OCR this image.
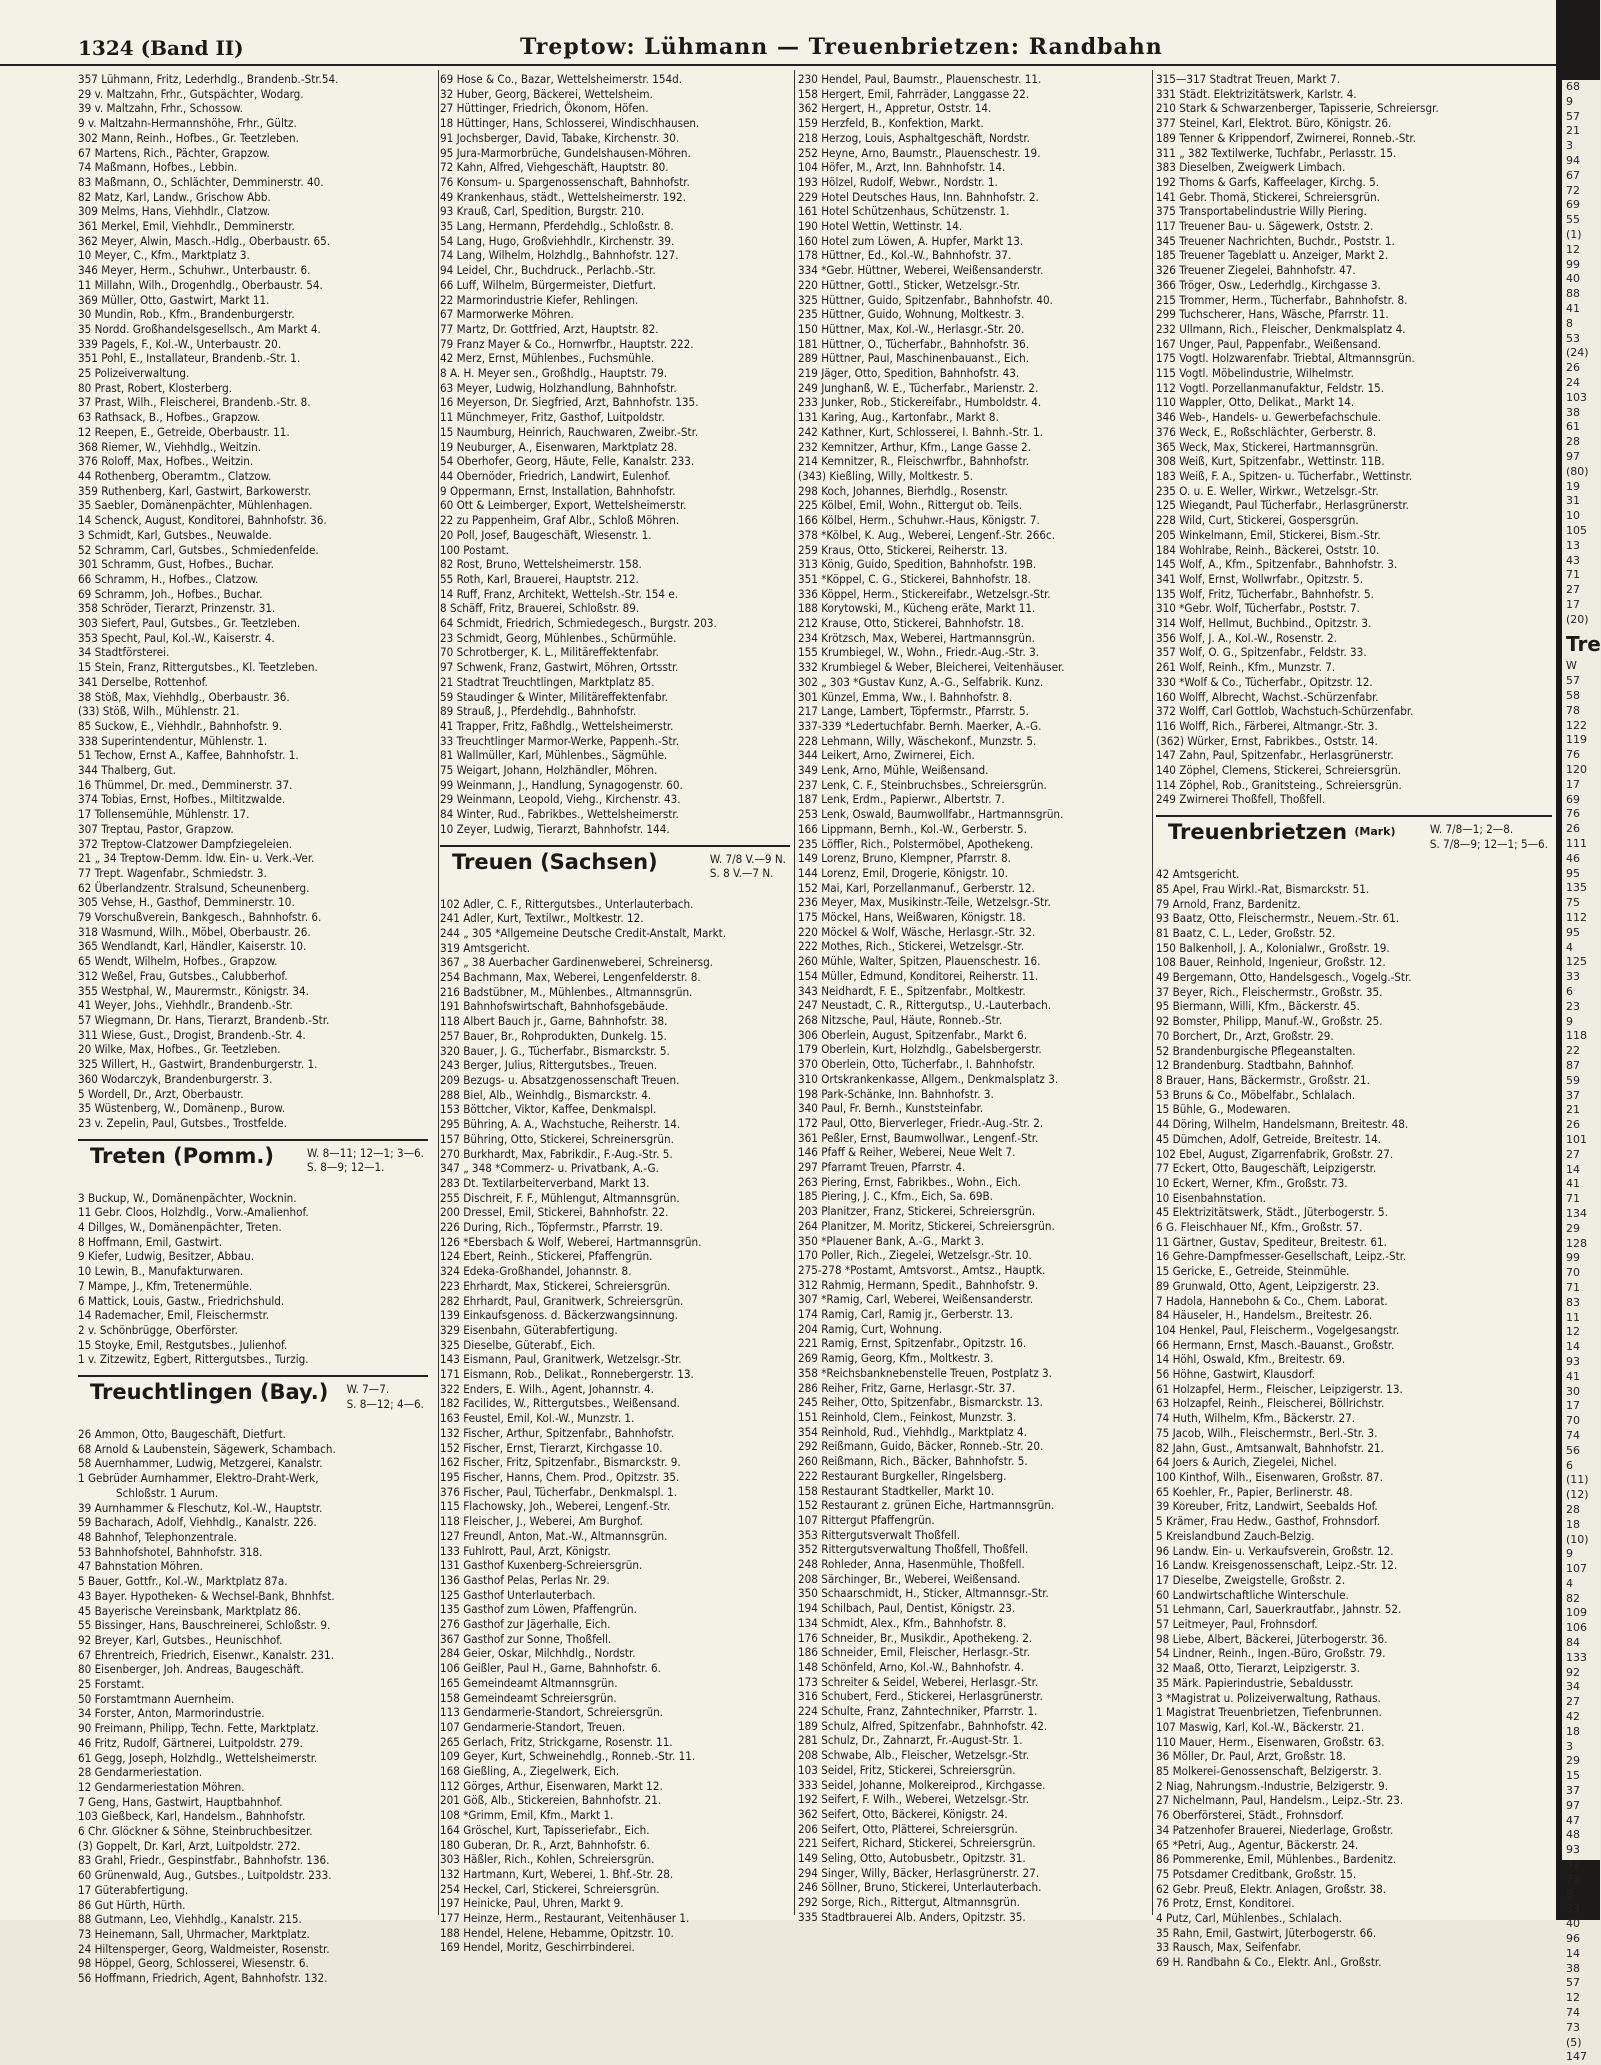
1324 (Band II)	Treptow: Lühmann — Treuenbrietzen: Randbahn
357 Lühmann, Fritz, Lederhdlg., Brandenb.-Str.54.
29 v. Maltzahn, Frhr., Gutspächter, Wodarg.
39 v. Maltzahn, Frhr., Schossow.
9 v. Maltzahn-Hermannshöhe, Frhr., Gültz.
302 Mann, Reinh., Hofbes., Gr. Teetzleben.
67 Martens, Rich., Pächter, Grapzow.
74 Maßmann, Hofbes., Lebbin.
83 Maßmann, O., Schlächter, Demminerstr. 40.
82 Matz, Karl, Landw., Grischow Abb.
309 Melms, Hans, Viehhdlr., Clatzow.
361 Merkel, Emil, Viehhdlr., Demminerstr.
362 Meyer, Alwin, Masch.-Hdlg., Oberbaustr. 65.
10 Meyer, C., Kfm., Marktplatz 3.
346 Meyer, Herm., Schuhwr., Unterbaustr. 6.
11 Millahn, Wilh., Drogenhdlg., Oberbaustr. 54.
369 Müller, Otto, Gastwirt, Markt 11.
30 Mundin, Rob., Kfm., Brandenburgerstr.
35 Nordd. Großhandelsgesellsch., Am Markt 4.
339 Pagels, F., Kol.-W., Unterbaustr. 20.
351 Pohl, E., Installateur, Brandenb.-Str. 1.
25 Polizeiverwaltung.
80 Prast, Robert, Klosterberg.
37 Prast, Wilh., Fleischerei, Brandenb.-Str. 8.
63 Rathsack, B., Hofbes., Grapzow.
12 Reepen, E., Getreide, Oberbaustr. 11.
368 Riemer, W., Viehhdlg., Weitzin.
376 Roloff, Max, Hofbes., Weitzin.
44 Rothenberg, Oberamtm., Clatzow.
359 Ruthenberg, Karl, Gastwirt, Barkowerstr.
35 Saebler, Domänenpächter, Mühlenhagen.
14 Schenck, August, Konditorei, Bahnhofstr. 36.
3 Schmidt, Karl, Gutsbes., Neuwalde.
52 Schramm, Carl, Gutsbes., Schmiedenfelde.
301 Schramm, Gust, Hofbes., Buchar.
66 Schramm, H., Hofbes., Clatzow.
69 Schramm, Joh., Hofbes., Buchar.
358 Schröder, Tierarzt, Prinzenstr. 31.
303 Siefert, Paul, Gutsbes., Gr. Teetzleben.
353 Specht, Paul, Kol.-W., Kaiserstr. 4.
34 Stadtförsterei.
15 Stein, Franz, Rittergutsbes., Kl. Teetzleben.
341 Derselbe, Rottenhof.
38 Stöß, Max, Viehhdlg., Oberbaustr. 36.
(33) Stöß, Wilh., Mühlenstr. 21.
85 Suckow, E., Viehhdlr., Bahnhofstr. 9.
338 Superintendentur, Mühlenstr. 1.
51 Techow, Ernst A., Kaffee, Bahnhofstr. 1.
344 Thalberg, Gut.
16 Thümmel, Dr. med., Demminerstr. 37.
374 Tobias, Ernst, Hofbes., Miltitzwalde.
17 Tollensemühle, Mühlenstr. 17.
307 Treptau, Pastor, Grapzow.
372 Treptow-Clatzower Dampfziegeleien.
21 „ 34 Treptow-Demm. ldw. Ein- u. Verk.-Ver.
77 Trept. Wagenfabr., Schmiedstr. 3.
62 Überlandzentr. Stralsund, Scheunenberg.
305 Vehse, H., Gasthof, Demminerstr. 10.
79 Vorschußverein, Bankgesch., Bahnhofstr. 6.
318 Wasmund, Wilh., Möbel, Oberbaustr. 26.
365 Wendlandt, Karl, Händler, Kaiserstr. 10.
65 Wendt, Wilhelm, Hofbes., Grapzow.
312 Weßel, Frau, Gutsbes., Calubberhof.
355 Westphal, W., Maurermstr., Königstr. 34.
41 Weyer, Johs., Viehhdlr., Brandenb.-Str.
57 Wiegmann, Dr. Hans, Tierarzt, Brandenb.-Str.
311 Wiese, Gust., Drogist, Brandenb.-Str. 4.
20 Wilke, Max, Hofbes., Gr. Teetzleben.
325 Willert, H., Gastwirt, Brandenburgerstr. 1.
360 Wodarczyk, Brandenburgerstr. 3.
5 Wordell, Dr., Arzt, Oberbaustr.
35 Wüstenberg, W., Domänenp., Burow.
23 v. Zepelin, Paul, Gutsbes., Trostfelde.
Treten (Pomm.)	W. 8—11; 12—1; 3—6.
S. 8—9; 12—1.
3 Buckup, W., Domänenpächter, Wocknin.
11 Gebr. Cloos, Holzhdlg., Vorw.-Amalienhof.
4 Dillges, W., Domänenpächter, Treten.
8 Hoffmann, Emil, Gastwirt.
9 Kiefer, Ludwig, Besitzer, Abbau.
10 Lewin, B., Manufakturwaren.
7 Mampe, J., Kfm, Tretenermühle.
6 Mattick, Louis, Gastw., Friedrichshuld.
14 Rademacher, Emil, Fleischermstr.
2 v. Schönbrügge, Oberförster.
15 Stoyke, Emil, Restgutsbes., Julienhof.
1 v. Zitzewitz, Egbert, Rittergutsbes., Turzig.
Treuchtlingen (Bay.) W. 7—7.
S. 8—12; 4—6.
26 Ammon, Otto, Baugeschäft, Dietfurt.
68 Arnold & Laubenstein, Sägewerk, Schambach.
58 Auernhammer, Ludwig, Metzgerei, Kanalstr.
1 Gebrüder Aurnhammer, Elektro-Draht-Werk,
Schloßstr. 1 Aurum.
39 Aurnhammer & Fleschutz, Kol.-W., Hauptstr.
59 Bacharach, Adolf, Viehhdlg., Kanalstr. 226.
48 Bahnhof, Telephonzentrale.
53 Bahnhofshotel, Bahnhofstr. 318.
47 Bahnstation Möhren.
5 Bauer, Gottfr., Kol.-W., Marktplatz 87a.
43 Bayer. Hypotheken- & Wechsel-Bank, Bhnhfst.
45 Bayerische Vereinsbank, Marktplatz 86.
55 Bissinger, Hans, Bauschreinerei, Schloßstr. 9.
92 Breyer, Karl, Gutsbes., Heunischhof.
67 Ehrentreich, Friedrich, Eisenwr., Kanalstr. 231.
80 Eisenberger, Joh. Andreas, Baugeschäft.
25 Forstamt.
50 Forstamtmann Auernheim.
34 Forster, Anton, Marmorindustrie.
90 Freimann, Philipp, Techn. Fette, Marktplatz.
46 Fritz, Rudolf, Gärtnerei, Luitpoldstr. 279.
61 Gegg, Joseph, Holzhdlg., Wettelsheimerstr.
28 Gendarmeriestation.
12 Gendarmeriestation Möhren.
7 Geng, Hans, Gastwirt, Hauptbahnhof.
103 Gießbeck, Karl, Handelsm., Bahnhofstr.
6 Chr. Glöckner & Söhne, Steinbruchbesitzer.
(3) Goppelt, Dr. Karl, Arzt, Luitpoldstr. 272.
83 Grahl, Friedr., Gespinstfabr., Bahnhofstr. 136.
60 Grünenwald, Aug., Gutsbes., Luitpoldstr. 233.
17 Güterabfertigung.
86 Gut Hürth, Hürth.
88 Gutmann, Leo, Viehhdlg., Kanalstr. 215.
73 Heinemann, Sall, Uhrmacher, Marktplatz.
24 Hiltensperger, Georg, Waldmeister, Rosenstr.
98 Höppel, Georg, Schlosserei, Wiesenstr. 6.
56 Hoffmann, Friedrich, Agent, Bahnhofstr. 132.
69 Hose & Co., Bazar, Wettelsheimerstr. 154d.
32 Huber, Georg, Bäckerei, Wettelsheim.
27 Hüttinger, Friedrich, Ökonom, Höfen.
18 Hüttinger, Hans, Schlosserei, Windischhausen.
91 Jochsberger, David, Tabake, Kirchenstr. 30.
95 Jura-Marmorbrüche, Gundelshausen-Möhren.
72 Kahn, Alfred, Viehgeschäft, Hauptstr. 80.
76 Konsum- u. Spargenossenschaft, Bahnhofstr.
49 Krankenhaus, städt., Wettelsheimerstr. 192.
93 Krauß, Carl, Spedition, Burgstr. 210.
35 Lang, Hermann, Pferdehdlg., Schloßstr. 8.
54 Lang, Hugo, Großviehhdlr., Kirchenstr. 39.
74 Lang, Wilhelm, Holzhdlg., Bahnhofstr. 127.
94 Leidel, Chr., Buchdruck., Perlachb.-Str.
66 Luff, Wilhelm, Bürgermeister, Dietfurt.
22 Marmorindustrie Kiefer, Rehlingen.
67 Marmorwerke Möhren.
77 Martz, Dr. Gottfried, Arzt, Hauptstr. 82.
79 Franz Mayer & Co., Hornwrfbr., Hauptstr. 222.
42 Merz, Ernst, Mühlenbes., Fuchsmühle.
8 A. H. Meyer sen., Großhdlg., Hauptstr. 79.
63 Meyer, Ludwig, Holzhandlung, Bahnhofstr.
16 Meyerson, Dr. Siegfried, Arzt, Bahnhofstr. 135.
11 Münchmeyer, Fritz, Gasthof, Luitpoldstr.
15 Naumburg, Heinrich, Rauchwaren, Zweibr.-Str.
19 Neuburger, A., Eisenwaren, Marktplatz 28.
54 Oberhofer, Georg, Häute, Felle, Kanalstr. 233.
44 Obernöder, Friedrich, Landwirt, Eulenhof.
9 Oppermann, Ernst, Installation, Bahnhofstr.
60 Ott & Leimberger, Export, Wettelsheimerstr.
22 zu Pappenheim, Graf Albr., Schloß Möhren.
20 Poll, Josef, Baugeschäft, Wiesenstr. 1.
100 Postamt.
82 Rost, Bruno, Wettelsheimerstr. 158.
55 Roth, Karl, Brauerei, Hauptstr. 212.
14 Ruff, Franz, Architekt, Wettelsh.-Str. 154 e.
8 Schäff, Fritz, Brauerei, Schloßstr. 89.
64 Schmidt, Friedrich, Schmiedegesch., Burgstr. 203.
23 Schmidt, Georg, Mühlenbes., Schürmühle.
70 Schrotberger, K. L., Militäreffektenfabr.
97 Schwenk, Franz, Gastwirt, Möhren, Ortsstr.
21 Stadtrat Treuchtlingen, Marktplatz 85.
59 Staudinger & Winter, Militäreffektenfabr.
89 Strauß, J., Pferdehdlg., Bahnhofstr.
41 Trapper, Fritz, Faßhdlg., Wettelsheimerstr.
33 Treuchtlinger Marmor-Werke, Pappenh.-Str.
81 Wallmüller, Karl, Mühlenbes., Sägmühle.
75 Weigart, Johann, Holzhändler, Möhren.
99 Weinmann, J., Handlung, Synagogenstr. 60.
29 Weinmann, Leopold, Viehg., Kirchenstr. 43.
84 Winter, Rud., Fabrikbes., Wettelsheimerstr.
10 Zeyer, Ludwig, Tierarzt, Bahnhofstr. 144.
Treuen (Sachsen)	W. 7/8 V.—9 N.
S. 8 V.—7 N.
102 Adler, C. F., Rittergutsbes., Unterlauterbach.
241 Adler, Kurt, Textilwr., Moltkestr. 12.
244 „ 305 *Allgemeine Deutsche Credit-Anstalt, Markt.
319 Amtsgericht.
367 „ 38 Auerbacher Gardinenweberei, Schreinersg.
254 Bachmann, Max, Weberei, Lengenfelderstr. 8.
216 Badstübner, M., Mühlenbes., Altmannsgrün.
191 Bahnhofswirtschaft, Bahnhofsgebäude.
118 Albert Bauch jr., Garne, Bahnhofstr. 38.
257 Bauer, Br., Rohprodukten, Dunkelg. 15.
320 Bauer, J. G., Tücherfabr., Bismarckstr. 5.
243 Berger, Julius, Rittergutsbes., Treuen.
209 Bezugs- u. Absatzgenossenschaft Treuen.
288 Biel, Alb., Weinhdlg., Bismarckstr. 4.
153 Böttcher, Viktor, Kaffee, Denkmalspl.
295 Bühring, A. A., Wachstuche, Reiherstr. 14.
157 Bühring, Otto, Stickerei, Schreinersgrün.
270 Burkhardt, Max, Fabrikdir., F.-Aug.-Str. 5.
347 „ 348 *Commerz- u. Privatbank, A.-G.
283 Dt. Textilarbeiterverband, Markt 13.
255 Dischreit, F. F., Mühlengut, Altmannsgrün.
200 Dressel, Emil, Stickerei, Bahnhofstr. 22.
226 During, Rich., Töpfermstr., Pfarrstr. 19.
126 *Ebersbach & Wolf, Weberei, Hartmannsgrün.
124 Ebert, Reinh., Stickerei, Pfaffengrün.
324 Edeka-Großhandel, Johannstr. 8.
223 Ehrhardt, Max, Stickerei, Schreiersgrün.
282 Ehrhardt, Paul, Granitwerk, Schreiersgrün.
139 Einkaufsgenoss. d. Bäckerzwangsinnung.
329 Eisenbahn, Güterabfertigung.
325 Dieselbe, Güterabf., Eich.
143 Eismann, Paul, Granitwerk, Wetzelsgr.-Str.
171 Eismann, Rob., Delikat., Ronnebergerstr. 13.
322 Enders, E. Wilh., Agent, Johannstr. 4.
182 Facilides, W., Rittergutsbes., Weißensand.
163 Feustel, Emil, Kol.-W., Munzstr. 1.
132 Fischer, Arthur, Spitzenfabr., Bahnhofstr.
152 Fischer, Ernst, Tierarzt, Kirchgasse 10.
162 Fischer, Fritz, Spitzenfabr., Bismarckstr. 9.
195 Fischer, Hanns, Chem. Prod., Opitzstr. 35.
376 Fischer, Paul, Tücherfabr., Denkmalspl. 1.
115 Flachowsky, Joh., Weberei, Lengenf.-Str.
118 Fleischer, J., Weberei, Am Burghof.
127 Freundl, Anton, Mat.-W., Altmannsgrün.
133 Fuhlrott, Paul, Arzt, Königstr.
131 Gasthof Kuxenberg-Schreiersgrün.
136 Gasthof Pelas, Perlas Nr. 29.
125 Gasthof Unterlauterbach.
135 Gasthof zum Löwen, Pfaffengrün.
276 Gasthof zur Jägerhalle, Eich.
367 Gasthof zur Sonne, Thoßfell.
284 Geier, Oskar, Milchhdlg., Nordstr.
106 Geißler, Paul H., Garne, Bahnhofstr. 6.
165 Gemeindeamt Altmannsgrün.
158 Gemeindeamt Schreiersgrün.
113 Gendarmerie-Standort, Schreiersgrün.
107 Gendarmerie-Standort, Treuen.
265 Gerlach, Fritz, Strickgarne, Rosenstr. 11.
109 Geyer, Kurt, Schweinehdlg., Ronneb.-Str. 11.
168 Gießling, A., Ziegelwerk, Eich.
112 Görges, Arthur, Eisenwaren, Markt 12.
201 Göß, Alb., Stickereien, Bahnhofstr. 21.
108 *Grimm, Emil, Kfm., Markt 1.
164 Gröschel, Kurt, Tapisseriefabr., Eich.
180 Guberan, Dr. R., Arzt, Bahnhofstr. 6.
303 Häßler, Rich., Kohlen, Schreiersgrün.
132 Hartmann, Kurt, Weberei, 1. Bhf.-Str. 28.
254 Heckel, Carl, Stickerei, Schreiersgrün.
197 Heinicke, Paul, Uhren, Markt 9.
177 Heinze, Herm., Restaurant, Veitenhäuser 1.
188 Hendel, Helene, Hebamme, Opitzstr. 10.
169 Hendel, Moritz, Geschirrbinderei.
230 Hendel, Paul, Baumstr., Plauenschestr. 11.
158 Hergert, Emil, Fahrräder, Langgasse 22.
362 Hergert, H., Appretur, Oststr. 14.
159 Herzfeld, B., Konfektion, Markt.
218 Herzog, Louis, Asphaltgeschäft, Nordstr.
252 Heyne, Arno, Baumstr., Plauenschestr. 19.
104 Höfer, M., Arzt, Inn. Bahnhofstr. 14.
193 Hölzel, Rudolf, Webwr., Nordstr. 1.
229 Hotel Deutsches Haus, Inn. Bahnhofstr. 2.
161 Hotel Schützenhaus, Schützenstr. 1.
190 Hotel Wettin, Wettinstr. 14.
160 Hotel zum Löwen, A. Hupfer, Markt 13.
178 Hüttner, Ed., Kol.-W., Bahnhofstr. 37.
334 *Gebr. Hüttner, Weberei, Weißensanderstr.
220 Hüttner, Gottl., Sticker, Wetzelsgr.-Str.
325 Hüttner, Guido, Spitzenfabr., Bahnhofstr. 40.
235 Hüttner, Guido, Wohnung, Moltkestr. 3.
150 Hüttner, Max, Kol.-W., Herlasgr.-Str. 20.
181 Hüttner, O., Tücherfabr., Bahnhofstr. 36.
289 Hüttner, Paul, Maschinenbauanst., Eich.
219 Jäger, Otto, Spedition, Bahnhofstr. 43.
249 Junghanß, W. E., Tücherfabr., Marienstr. 2.
233 Junker, Rob., Stickereifabr., Humboldstr. 4.
131 Karing, Aug., Kartonfabr., Markt 8.
242 Kathner, Kurt, Schlosserei, I. Bahnh.-Str. 1.
232 Kemnitzer, Arthur, Kfm., Lange Gasse 2.
214 Kemnitzer, R., Fleischwrfbr., Bahnhofstr.
(343) Kießling, Willy, Moltkestr. 5.
298 Koch, Johannes, Bierhdlg., Rosenstr.
225 Kölbel, Emil, Wohn., Rittergut ob. Teils.
166 Kölbel, Herm., Schuhwr.-Haus, Königstr. 7.
378 *Kölbel, K. Aug., Weberei, Lengenf.-Str. 266c.
259 Kraus, Otto, Stickerei, Reiherstr. 13.
313 König, Guido, Spedition, Bahnhofstr. 19B.
351 *Köppel, C. G., Stickerei, Bahnhofstr. 18.
336 Köppel, Herm., Stickereifabr., Wetzelsgr.-Str.
188 Korytowski, M., Kücheng eräte, Markt 11.
212 Krause, Otto, Stickerei, Bahnhofstr. 18.
234 Krötzsch, Max, Weberei, Hartmannsgrün.
155 Krumbiegel, W., Wohn., Friedr.-Aug.-Str. 3.
332 Krumbiegel & Weber, Bleicherei, Veitenhäuser.
302 „ 303 *Gustav Kunz, A.-G., Selfabrik. Kunz.
301 Künzel, Emma, Ww., I. Bahnhofstr. 8.
217 Lange, Lambert, Töpfermstr., Pfarrstr. 5.
337-339 *Ledertuchfabr. Bernh. Maerker, A.-G.
228 Lehmann, Willy, Wäschekonf., Munzstr. 5.
344 Leikert, Arno, Zwirnerei, Eich.
349 Lenk, Arno, Mühle, Weißensand.
237 Lenk, C. F., Steinbruchsbes., Schreiersgrün.
187 Lenk, Erdm., Papierwr., Albertstr. 7.
253 Lenk, Oswald, Baumwollfabr., Hartmannsgrün.
166 Lippmann, Bernh., Kol.-W., Gerberstr. 5.
235 Löffler, Rich., Polstermöbel, Apothekeng.
149 Lorenz, Bruno, Klempner, Pfarrstr. 8.
144 Lorenz, Emil, Drogerie, Königstr. 10.
152 Mai, Karl, Porzellanmanuf., Gerberstr. 12.
236 Meyer, Max, Musikinstr.-Teile, Wetzelsgr.-Str.
175 Möckel, Hans, Weißwaren, Königstr. 18.
220 Möckel & Wolf, Wäsche, Herlasgr.-Str. 32.
222 Mothes, Rich., Stickerei, Wetzelsgr.-Str.
260 Mühle, Walter, Spitzen, Plauenschestr. 16.
154 Müller, Edmund, Konditorei, Reiherstr. 11.
343 Neidhardt, F. E., Spitzenfabr., Moltkestr.
247 Neustadt, C. R., Rittergutsp., U.-Lauterbach.
268 Nitzsche, Paul, Häute, Ronneb.-Str.
306 Oberlein, August, Spitzenfabr., Markt 6.
179 Oberlein, Kurt, Holzhdlg., Gabelsbergerstr.
370 Oberlein, Otto, Tücherfabr., I. Bahnhofstr.
310 Ortskrankenkasse, Allgem., Denkmalsplatz 3.
198 Park-Schänke, Inn. Bahnhofstr. 3.
340 Paul, Fr. Bernh., Kunststeinfabr.
172 Paul, Otto, Bierverleger, Friedr.-Aug.-Str. 2.
361 Peßler, Ernst, Baumwollwar., Lengenf.-Str.
146 Pfaff & Reiher, Weberei, Neue Welt 7.
297 Pfarramt Treuen, Pfarrstr. 4.
263 Piering, Ernst, Fabrikbes., Wohn., Eich.
185 Piering, J. C., Kfm., Eich, Sa. 69B.
203 Planitzer, Franz, Stickerei, Schreiersgrün.
264 Planitzer, M. Moritz, Stickerei, Schreiersgrün.
350 *Plauener Bank, A.-G., Markt 3.
170 Poller, Rich., Ziegelei, Wetzelsgr.-Str. 10.
275-278 *Postamt, Amtsvorst., Amtsz., Hauptk.
312 Rahmig, Hermann, Spedit., Bahnhofstr. 9.
307 *Ramig, Carl, Weberei, Weißensanderstr.
174 Ramig, Carl, Ramig jr., Gerberstr. 13.
204 Ramig, Curt, Wohnung.
221 Ramig, Ernst, Spitzenfabr., Opitzstr. 16.
269 Ramig, Georg, Kfm., Moltkestr. 3.
358 *Reichsbanknebenstelle Treuen, Postplatz 3.
286 Reiher, Fritz, Garne, Herlasgr.-Str. 37.
245 Reiher, Otto, Spitzenfabr., Bismarckstr. 13.
151 Reinhold, Clem., Feinkost, Munzstr. 3.
354 Reinhold, Rud., Viehhdlg., Marktplatz 4.
292 Reißmann, Guido, Bäcker, Ronneb.-Str. 20.
260 Reißmann, Rich., Bäcker, Bahnhofstr. 5.
222 Restaurant Burgkeller, Ringelsberg.
158 Restaurant Stadtkeller, Markt 10.
152 Restaurant z. grünen Eiche, Hartmannsgrün.
107 Rittergut Pfaffengrün.
353 Rittergutsverwalt Thoßfell.
352 Rittergutsverwaltung Thoßfell, Thoßfell.
248 Rohleder, Anna, Hasenmühle, Thoßfell.
208 Särchinger, Br., Weberei, Weißensand.
350 Schaarschmidt, H., Sticker, Altmannsgr.-Str.
194 Schilbach, Paul, Dentist, Königstr. 23.
134 Schmidt, Alex., Kfm., Bahnhofstr. 8.
176 Schneider, Br., Musikdir., Apothekeng. 2.
186 Schneider, Emil, Fleischer, Herlasgr.-Str.
148 Schönfeld, Arno, Kol.-W., Bahnhofstr. 4.
173 Schreiter & Seidel, Weberei, Herlasgr.-Str.
316 Schubert, Ferd., Stickerei, Herlasgrünerstr.
224 Schulte, Franz, Zahntechniker, Pfarrstr. 1.
189 Schulz, Alfred, Spitzenfabr., Bahnhofstr. 42.
281 Schulz, Dr., Zahnarzt, Fr.-August-Str. 1.
208 Schwabe, Alb., Fleischer, Wetzelsgr.-Str.
103 Seidel, Fritz, Stickerei, Schreiersgrün.
333 Seidel, Johanne, Molkereiprod., Kirchgasse.
192 Seifert, F. Wilh., Weberei, Wetzelsgr.-Str.
362 Seifert, Otto, Bäckerei, Königstr. 24.
206 Seifert, Otto, Plätterei, Schreiersgrün.
221 Seifert, Richard, Stickerei, Schreiersgrün.
149 Seling, Otto, Autobusbetr., Opitzstr. 31.
294 Singer, Willy, Bäcker, Herlasgrünerstr. 27.
246 Söllner, Bruno, Stickerei, Unterlauterbach.
292 Sorge, Rich., Rittergut, Altmannsgrün.
335 Stadtbrauerei Alb. Anders, Opitzstr. 35.
315—317 Stadtrat Treuen, Markt 7.
331 Städt. Elektrizitätswerk, Karlstr. 4.
210 Stark & Schwarzenberger, Tapisserie, Schreiersgr.
377 Steinel, Karl, Elektrot. Büro, Königstr. 26.
189 Tenner & Krippendorf, Zwirnerei, Ronneb.-Str.
311 „ 382 Textilwerke, Tuchfabr., Perlasstr. 15.
383 Dieselben, Zweigwerk Limbach.
192 Thoms & Garfs, Kaffeelager, Kirchg. 5.
141 Gebr. Thomä, Stickerei, Schreiersgrün.
375 Transportabelindustrie Willy Piering.
117 Treuener Bau- u. Sägewerk, Oststr. 2.
345 Treuener Nachrichten, Buchdr., Poststr. 1.
185 Treuener Tageblatt u. Anzeiger, Markt 2.
326 Treuener Ziegelei, Bahnhofstr. 47.
366 Tröger, Osw., Lederhdlg., Kirchgasse 3.
215 Trommer, Herm., Tücherfabr., Bahnhofstr. 8.
299 Tuchscherer, Hans, Wäsche, Pfarrstr. 11.
232 Ullmann, Rich., Fleischer, Denkmalsplatz 4.
167 Unger, Paul, Pappenfabr., Weißensand.
175 Vogtl. Holzwarenfabr. Triebtal, Altmannsgrün.
115 Vogtl. Möbelindustrie, Wilhelmstr.
112 Vogtl. Porzellanmanufaktur, Feldstr. 15.
110 Wappler, Otto, Delikat., Markt 14.
346 Web-, Handels- u. Gewerbefachschule.
376 Weck, E., Roßschlächter, Gerberstr. 8.
365 Weck, Max, Stickerei, Hartmannsgrün.
308 Weiß, Kurt, Spitzenfabr., Wettinstr. 11B.
183 Weiß, F. A., Spitzen- u. Tücherfabr., Wettinstr.
235 O. u. E. Weller, Wirkwr., Wetzelsgr.-Str.
125 Wiegandt, Paul Tücherfabr., Herlasgrünerstr.
228 Wild, Curt, Stickerei, Gospersgrün.
205 Winkelmann, Emil, Stickerei, Bism.-Str.
184 Wohlrabe, Reinh., Bäckerei, Oststr. 10.
145 Wolf, A., Kfm., Spitzenfabr., Bahnhofstr. 3.
341 Wolf, Ernst, Wollwrfabr., Opitzstr. 5.
135 Wolf, Fritz, Tücherfabr., Bahnhofstr. 5.
310 *Gebr. Wolf, Tücherfabr., Poststr. 7.
314 Wolf, Hellmut, Buchbind., Opitzstr. 3.
356 Wolf, J. A., Kol.-W., Rosenstr. 2.
357 Wolf, O. G., Spitzenfabr., Feldstr. 33.
261 Wolf, Reinh., Kfm., Munzstr. 7.
330 *Wolf & Co., Tücherfabr., Opitzstr. 12.
160 Wolff, Albrecht, Wachst.-Schürzenfabr.
372 Wolff, Carl Gottlob, Wachstuch-Schürzenfabr.
116 Wolff, Rich., Färberei, Altmangr.-Str. 3.
(362) Würker, Ernst, Fabrikbes., Oststr. 14.
147 Zahn, Paul, Spitzenfabr., Herlasgrünerstr.
140 Zöphel, Clemens, Stickerei, Schreiersgrün.
114 Zöphel, Rob., Granitsteing., Schreiersgrün.
249 Zwirnerei Thoßfell, Thoßfell.
Treuenbrietzen $^{(Mark)}$	W. 7/8—1; 2—8.
S. 7/8—9; 12—1; 5—6.
42 Amtsgericht.
85 Apel, Frau Wirkl.-Rat, Bismarckstr. 51.
79 Arnold, Franz, Bardenitz.
93 Baatz, Otto, Fleischermstr., Neuem.-Str. 61.
81 Baatz, C. L., Leder, Großstr. 52.
150 Balkenholl, J. A., Kolonialwr., Großstr. 19.
108 Bauer, Reinhold, Ingenieur, Großstr. 12.
49 Bergemann, Otto, Handelsgesch., Vogelg.-Str.
37 Beyer, Rich., Fleischermstr., Großstr. 35.
95 Biermann, Willi, Kfm., Bäckerstr. 45.
92 Bomster, Philipp, Manuf.-W., Großstr. 25.
70 Borchert, Dr., Arzt, Großstr. 29.
52 Brandenburgische Pflegeanstalten.
12 Brandenburg. Stadtbahn, Bahnhof.
8 Brauer, Hans, Bäckermstr., Großstr. 21.
53 Bruns & Co., Möbelfabr., Schlalach.
15 Bühle, G., Modewaren.
44 Döring, Wilhelm, Handelsmann, Breitestr. 48.
45 Dümchen, Adolf, Getreide, Breitestr. 14.
102 Ebel, August, Zigarrenfabrik, Großstr. 27.
77 Eckert, Otto, Baugeschäft, Leipzigerstr.
10 Eckert, Werner, Kfm., Großstr. 73.
10 Eisenbahnstation.
45 Elektrizitätswerk, Städt., Jüterbogerstr. 5.
6 G. Fleischhauer Nf., Kfm., Großstr. 57.
11 Gärtner, Gustav, Spediteur, Breitestr. 61.
16 Gehre-Dampfmesser-Gesellschaft, Leipz.-Str.
15 Gericke, E., Getreide, Steinmühle.
89 Grunwald, Otto, Agent, Leipzigerstr. 23.
7 Hadola, Hannebohn & Co., Chem. Laborat.
84 Häuseler, H., Handelsm., Breitestr. 26.
104 Henkel, Paul, Fleischerm., Vogelgesangstr.
66 Hermann, Ernst, Masch.-Bauanst., Großstr.
14 Höhl, Oswald, Kfm., Breitestr. 69.
56 Höhne, Gastwirt, Klausdorf.
61 Holzapfel, Herm., Fleischer, Leipzigerstr. 13.
63 Holzapfel, Reinh., Fleischerei, Böllrichstr.
74 Huth, Wilhelm, Kfm., Bäckerstr. 27.
75 Jacob, Wilh., Fleischermstr., Berl.-Str. 3.
82 Jahn, Gust., Amtsanwalt, Bahnhofstr. 21.
64 Joers & Aurich, Ziegelei, Nichel.
100 Kinthof, Wilh., Eisenwaren, Großstr. 87.
65 Koehler, Fr., Papier, Berlinerstr. 48.
39 Koreuber, Fritz, Landwirt, Seebalds Hof.
5 Krämer, Frau Hedw., Gasthof, Frohnsdorf.
5 Kreislandbund Zauch-Belzig.
96 Landw. Ein- u. Verkaufsverein, Großstr. 12.
16 Landw. Kreisgenossenschaft, Leipz.-Str. 12.
17 Dieselbe, Zweigstelle, Großstr. 2.
60 Landwirtschaftliche Winterschule.
51 Lehmann, Carl, Sauerkrautfabr., Jahnstr. 52.
57 Leitmeyer, Paul, Frohnsdorf.
98 Liebe, Albert, Bäckerei, Jüterbogerstr. 36.
54 Lindner, Reinh., Ingen.-Büro, Großstr. 79.
32 Maaß, Otto, Tierarzt, Leipzigerstr. 3.
35 Märk. Papierindustrie, Sebaldusstr.
3 *Magistrat u. Polizeiverwaltung, Rathaus.
1 Magistrat Treuenbrietzen, Tiefenbrunnen.
107 Maswig, Karl, Kol.-W., Bäckerstr. 21.
110 Mauer, Herm., Eisenwaren, Großstr. 63.
36 Möller, Dr. Paul, Arzt, Großstr. 18.
85 Molkerei-Genossenschaft, Belzigerstr. 3.
2 Niag, Nahrungsm.-Industrie, Belzigerstr. 9.
27 Nichelmann, Paul, Handelsm., Leipz.-Str. 23.
76 Oberförsterei, Städt., Frohnsdorf.
34 Patzenhofer Brauerei, Niederlage, Großstr.
65 *Petri, Aug., Agentur, Bäckerstr. 24.
86 Pommerenke, Emil, Mühlenbes., Bardenitz.
75 Potsdamer Creditbank, Großstr. 15.
62 Gebr. Preuß, Elektr. Anlagen, Großstr. 38.
76 Protz, Ernst, Konditorei.
4 Putz, Carl, Mühlenbes., Schlalach.
35 Rahn, Emil, Gastwirt, Jüterbogerstr. 66.
33 Rausch, Max, Seifenfabr.
69 H. Randbahn & Co., Elektr. Anl., Großstr.
68
9
57
21
3
94
67
72
69
55
(1)
12
99
40
88
41
8
53
(24)
26
24
103
38
61
28
97
(80)
19
31
10
105
13
43
71
27
17
(20)
W
57
58
78
122
119
76
120
17
69
76
26
111
46
95
135
75
112
95
4
125
33
6
23
9
118
22
87
59
37
21
26
101
27
14
41
71
134
29
128
99
70
71
83
11
12
14
93
41
30
17
70
74
56
6
(11)
(12)
28
18
(10)
9
107
4
82
109
106
84
133
92
34
27
42
18
3
29
15
37
97
47
48
93
32
73
8
33
40
96
14
38
57
12
74
73
(5)
147
Tre
